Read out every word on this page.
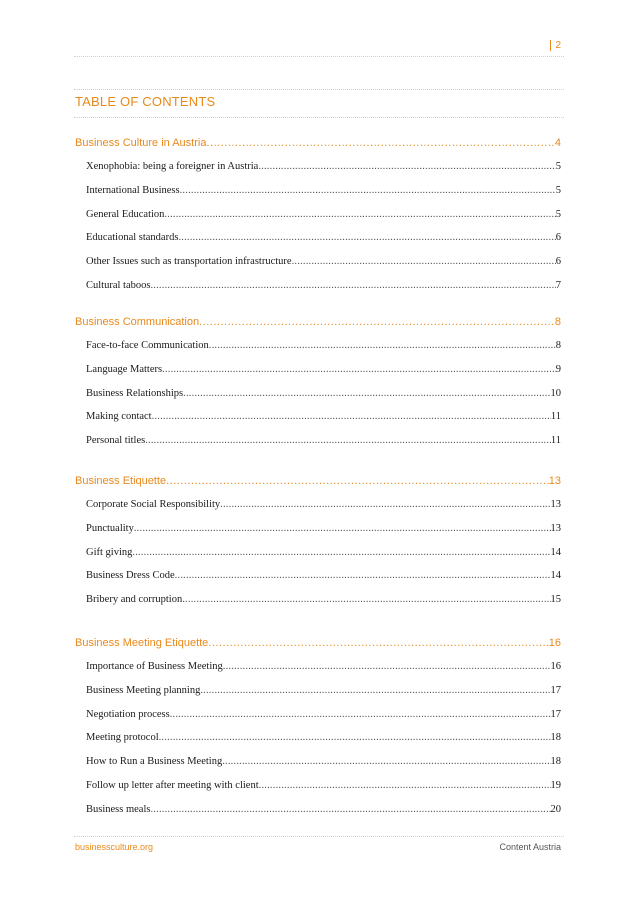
2
TABLE OF CONTENTS
Business Culture in Austria .....	4
Xenophobia: being a foreigner in Austria .....	5
International Business .....	5
General Education .....	5
Educational standards .....	6
Other Issues such as transportation infrastructure .....	6
Cultural taboos .....	7
Business Communication .....	8
Face-to-face Communication .....	8
Language Matters .....	9
Business Relationships .....	10
Making contact .....	11
Personal titles .....	11
Business Etiquette .....	13
Corporate Social Responsibility .....	13
Punctuality .....	13
Gift giving .....	14
Business Dress Code .....	14
Bribery and corruption .....	15
Business Meeting Etiquette .....	16
Importance of Business Meeting .....	16
Business Meeting planning .....	17
Negotiation process .....	17
Meeting protocol .....	18
How to Run a Business Meeting .....	18
Follow up letter after meeting with client .....	19
Business meals .....	20
businessculture.org	Content Austria
